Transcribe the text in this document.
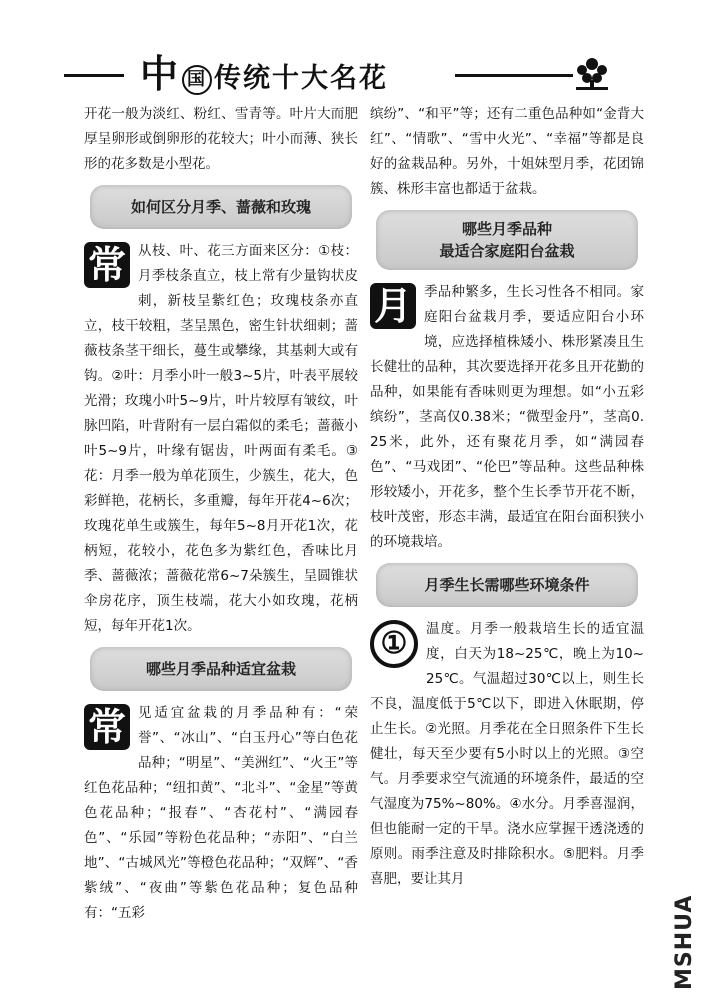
中 国 传统十大名花

开花一般为淡红、粉红、雪青等。叶片大而肥厚呈卵形或倒卵形的花较大；叶小而薄、狭长形的花多数是小型花。

如何区分月季、蔷薇和玫瑰

常 从枝、叶、花三方面来区分：①枝：月季枝条直立，枝上常有少量钩状皮刺，新枝呈紫红色；玫瑰枝条亦直立，枝干较粗，茎呈黑色，密生针状细刺；蔷薇枝条茎干细长，蔓生或攀缘，其基刺大或有钩。②叶：月季小叶一般3~5片，叶表平展较光滑；玫瑰小叶5~9片，叶片较厚有皱纹，叶脉凹陷，叶背附有一层白霜似的柔毛；蔷薇小叶5~9片，叶缘有锯齿，叶两面有柔毛。③花：月季一般为单花顶生，少簇生，花大，色彩鲜艳，花柄长，多重瓣，每年开花4~6次；玫瑰花单生或簇生，每年5~8月开花1次，花柄短，花较小，花色多为紫红色，香味比月季、蔷薇浓；蔷薇花常6~7朵簇生，呈圆锥状伞房花序，顶生枝端，花大小如玫瑰，花柄短，每年开花1次。

哪些月季品种适宜盆栽

常 见适宜盆栽的月季品种有：“荣誉”、“冰山”、“白玉丹心”等白色花品种；“明星”、“美洲红”、“火王”等红色花品种；“纽扣黄”、“北斗”、“金星”等黄色花品种；“报春”、“杏花村”、“满园春色”、“乐园”等粉色花品种；“赤阳”、“白兰地”、“古城风光”等橙色花品种；“双辉”、“香紫绒”、“夜曲”等紫色花品种；复色品种有：“五彩

缤纷”、“和平”等；还有二重色品种如“金背大红”、“情歌”、“雪中火光”、“幸福”等都是良好的盆栽品种。另外，十姐妹型月季，花团锦簇、株形丰富也都适于盆栽。

哪些月季品种
最适合家庭阳台盆栽

月 季品种繁多，生长习性各不相同。家庭阳台盆栽月季，要适应阳台小环境，应选择植株矮小、株形紧凑且生长健壮的品种，其次要选择开花多且开花勤的品种，如果能有香味则更为理想。如“小五彩缤纷”，茎高仅0.38米；“微型金丹”，茎高0.25米，此外，还有聚花月季，如“满园春色”、“马戏团”、“伦巴”等品种。这些品种株形较矮小，开花多，整个生长季节开花不断，枝叶茂密，形态丰满，最适宜在阳台面积狭小的环境栽培。

月季生长需哪些环境条件

①	温度。月季一般栽培生长的适宜温度，白天为18~25℃，晚上为10~25℃。气温超过30℃以上，则生长不良，温度低于5℃以下，即进入休眠期，停止生长。②光照。月季花在全日照条件下生长健壮，每天至少要有5小时以上的光照。③空气。月季要求空气流通的环境条件，最适的空气湿度为75%~80%。④水分。月季喜湿润，但也能耐一定的干旱。浇水应掌握干透浇透的原则。雨季注意及时排除积水。⑤肥料。月季喜肥，要让其月

MSHUA
